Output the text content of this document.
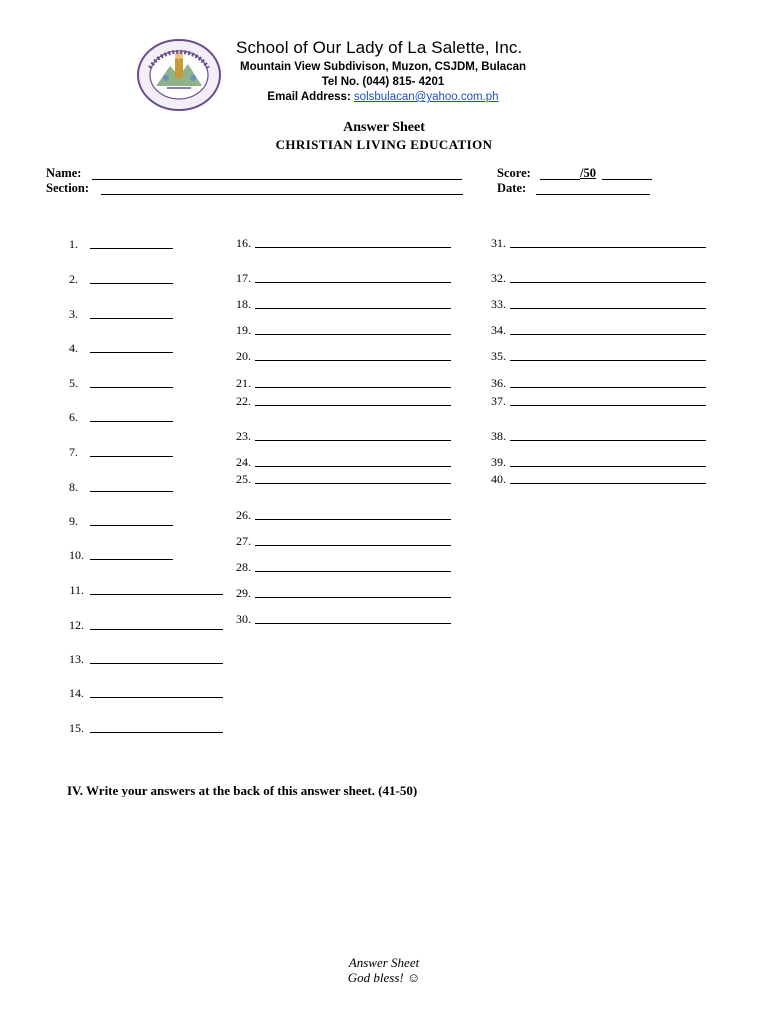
School of Our Lady of La Salette, Inc.
Mountain View Subdivison, Muzon, CSJDM, Bulacan
Tel No. (044) 815- 4201
Email Address: solsbulacan@yahoo.com.ph
Answer Sheet
CHRISTIAN LIVING EDUCATION
Name:
Section:
Score:	/50
Date:
1.
2.
3.
4.
5.
6.
7.
8.
9.
10.
11.
12.
13.
14.
15.
16.
17.
18.
19.
20.
21.
22.
23.
24.
25.
26.
27.
28.
29.
30.
31.
32.
33.
34.
35.
36.
37.
38.
39.
40.
IV. Write your answers at the back of this answer sheet. (41-50)
Answer Sheet
God bless! ☺
